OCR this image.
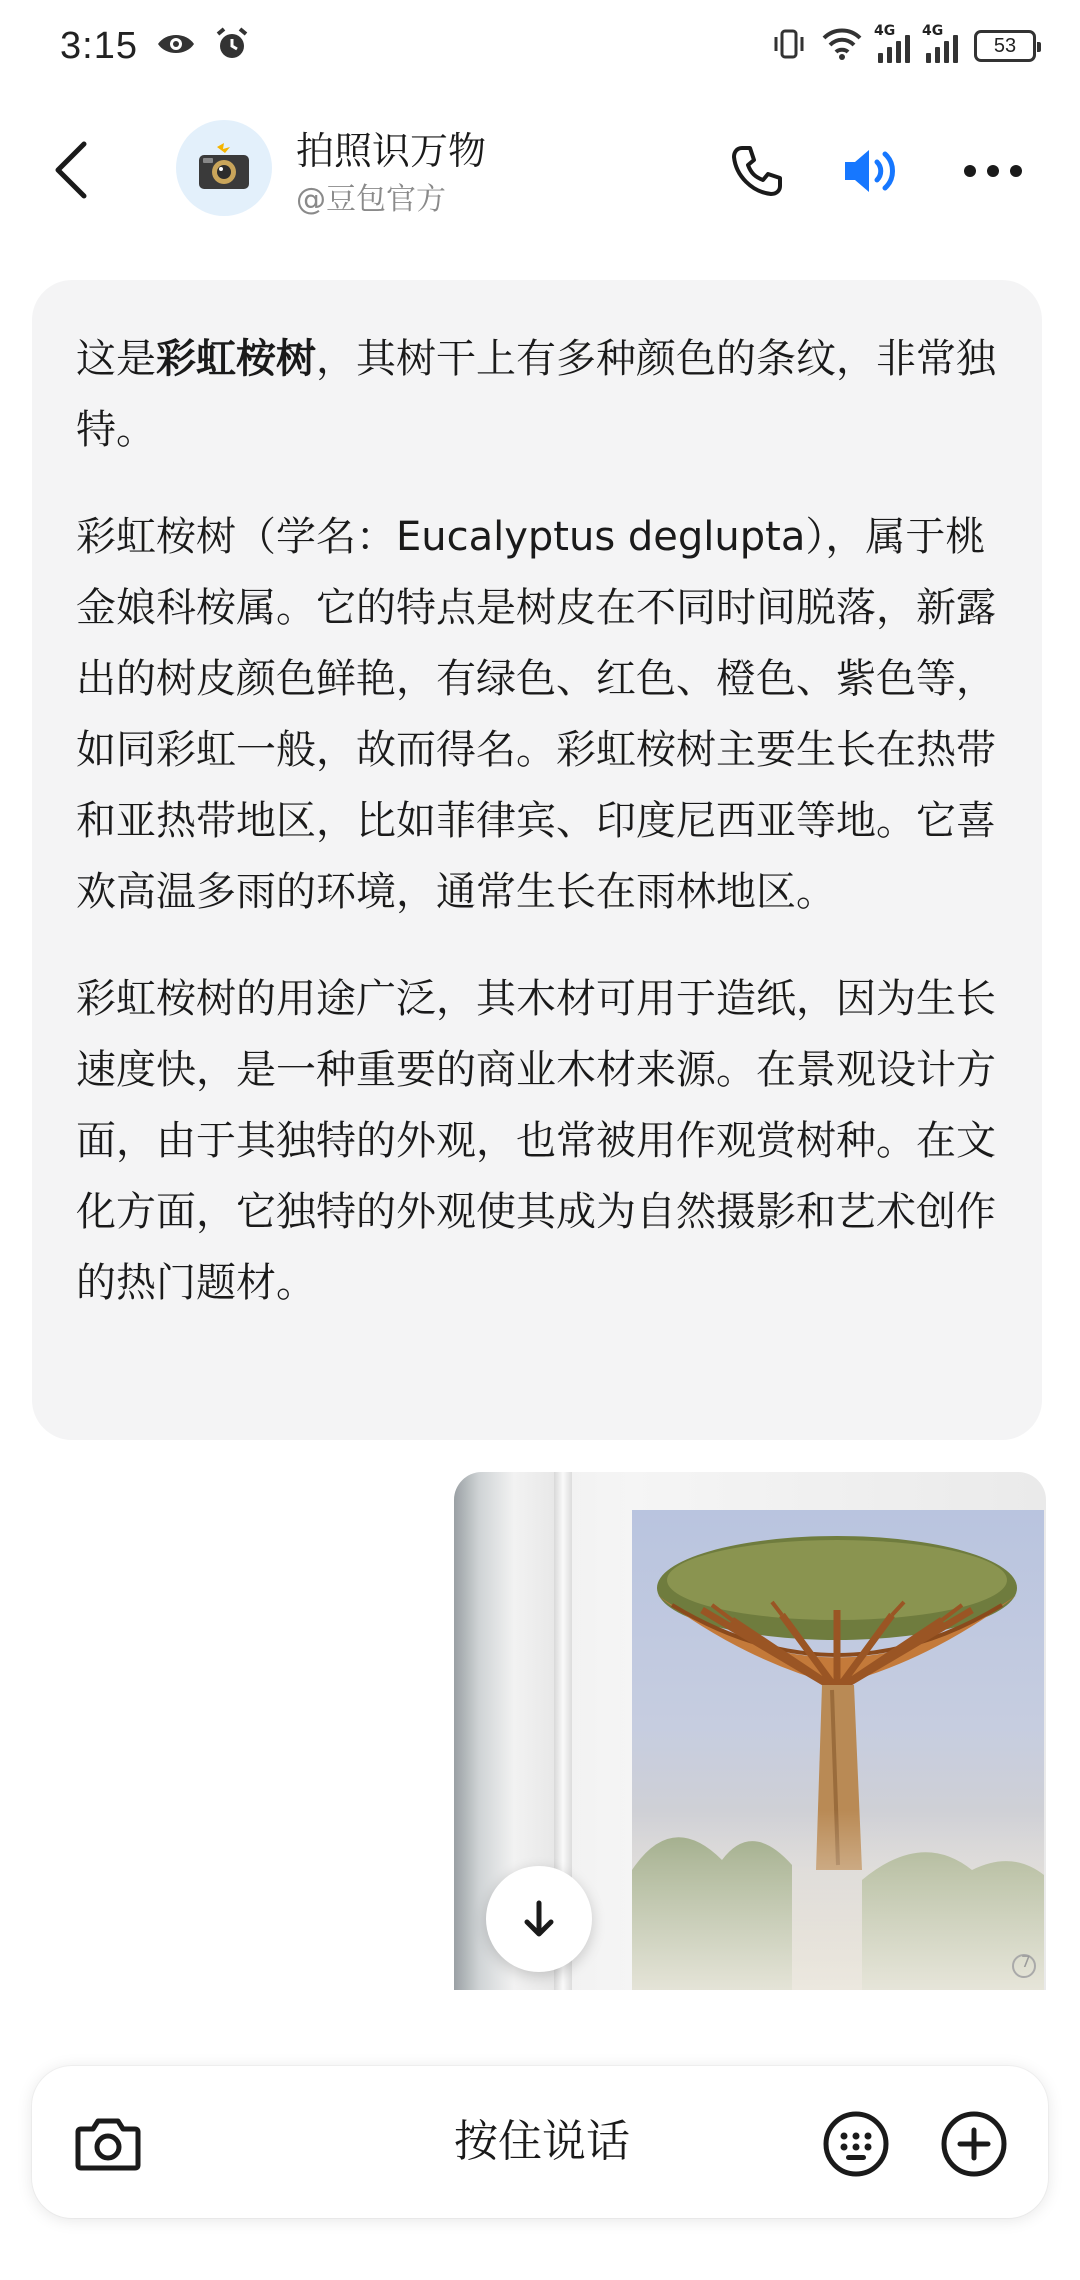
3:15	4G 4G
53
拍照识万物
@豆包官方

这是彩虹桉树，其树干上有多种颜色的条纹，非常独特。

彩虹桉树（学名：Eucalyptus deglupta），属于桃金娘科桉属。它的特点是树皮在不同时间脱落，新露出的树皮颜色鲜艳，有绿色、红色、橙色、紫色等，如同彩虹一般，故而得名。彩虹桉树主要生长在热带和亚热带地区，比如菲律宾、印度尼西亚等地。它喜欢高温多雨的环境，通常生长在雨林地区。

彩虹桉树的用途广泛，其木材可用于造纸，因为生长速度快，是一种重要的商业木材来源。在景观设计方面，由于其独特的外观，也常被用作观赏树种。在文化方面，它独特的外观使其成为自然摄影和艺术创作的热门题材。

7
按住说话
